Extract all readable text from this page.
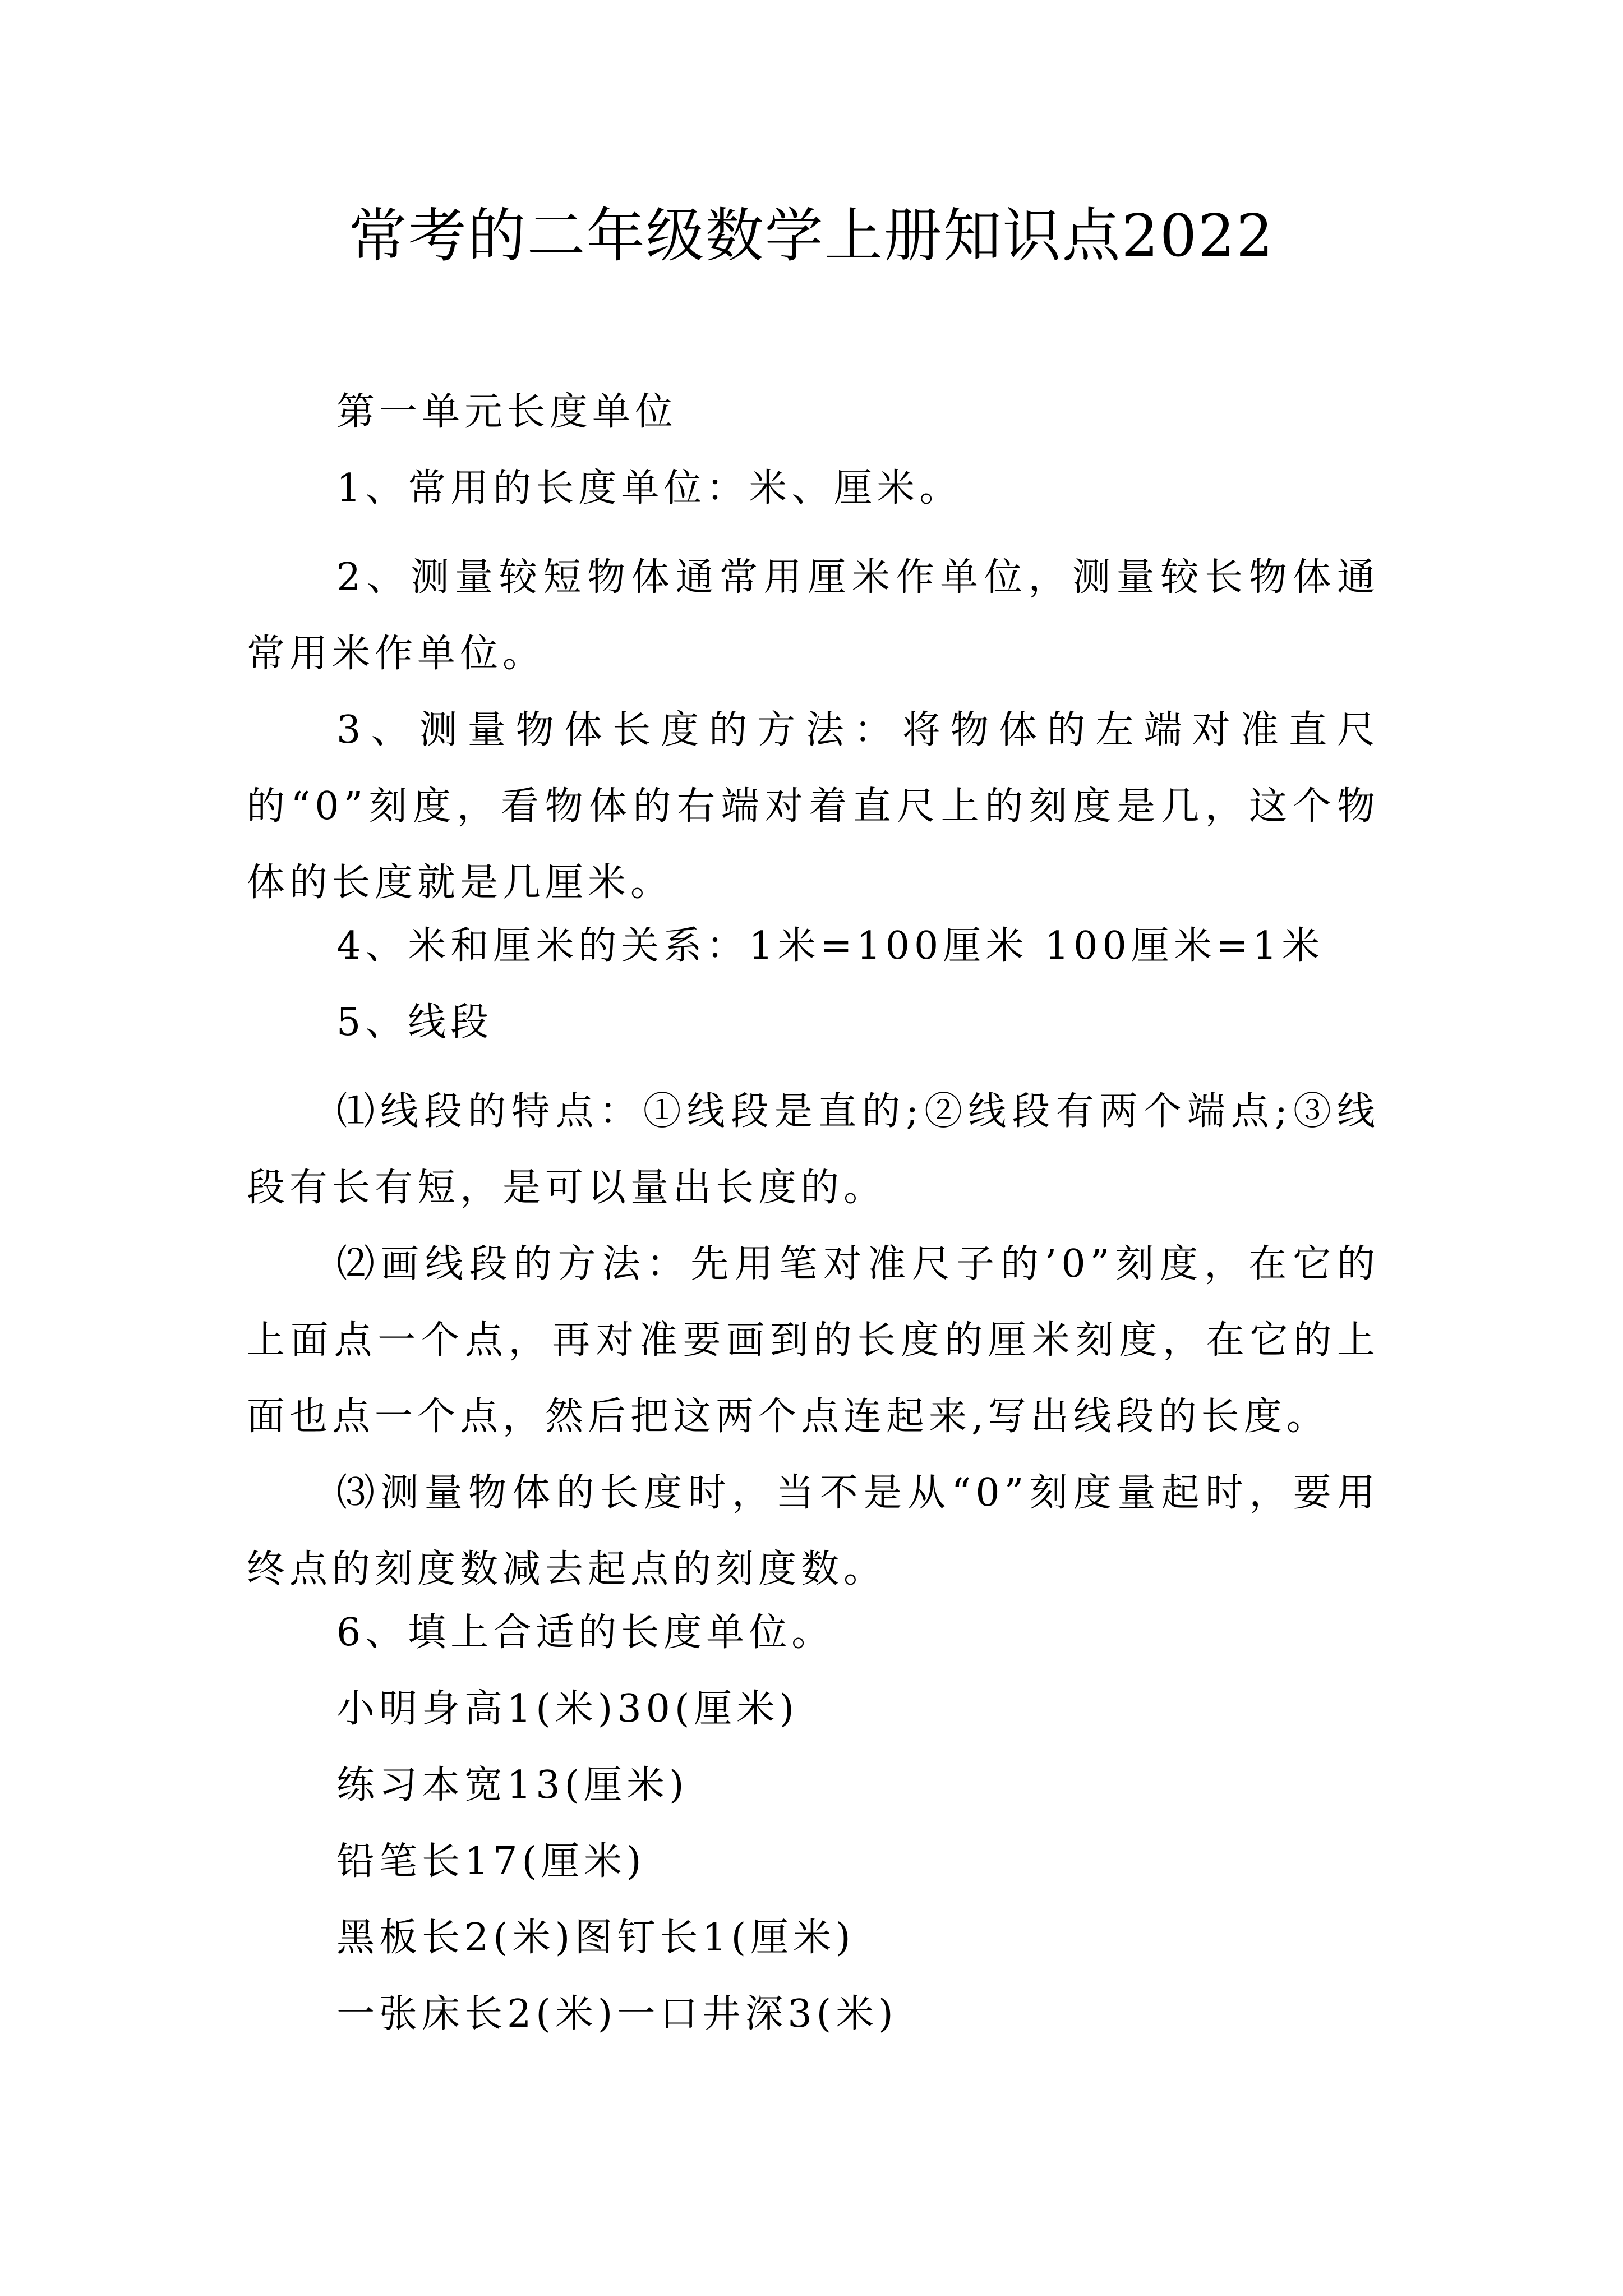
常考的二年级数学上册知识点2022
第一单元长度单位
1、常用的长度单位：米、厘米。
2、测量较短物体通常用厘米作单位，测量较长物体通常用米作单位。
3、测量物体长度的方法：将物体的左端对准直尺的“0”刻度，看物体的右端对着直尺上的刻度是几，这个物体的长度就是几厘米。
4、米和厘米的关系：1米=100厘米 100厘米=1米
5、线段
⑴线段的特点：①线段是直的;②线段有两个端点;③线段有长有短，是可以量出长度的。
⑵画线段的方法：先用笔对准尺子的’0”刻度，在它的上面点一个点，再对准要画到的长度的厘米刻度，在它的上面也点一个点，然后把这两个点连起来,写出线段的长度。
⑶测量物体的长度时，当不是从“0”刻度量起时，要用终点的刻度数减去起点的刻度数。
6、填上合适的长度单位。
小明身高1(米)30(厘米)
练习本宽13(厘米)
铅笔长17(厘米)
黑板长2(米)图钉长1(厘米)
一张床长2(米)一口井深3(米)
